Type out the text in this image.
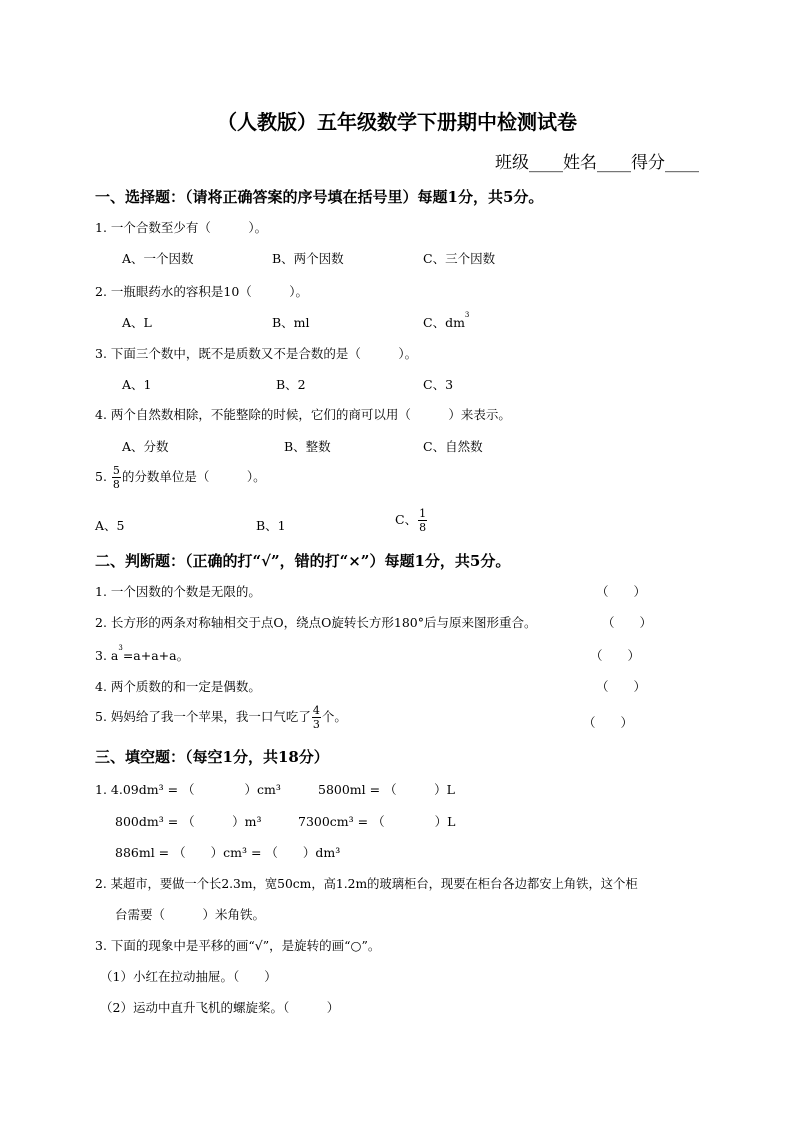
（人教版）五年级数学下册期中检测试卷
班级____姓名____得分____
一、选择题：（请将正确答案的序号填在括号里）每题1分，共5分。
1. 一个合数至少有（　　　）。
A、一个因数	B、两个因数	C、三个因数
2. 一瓶眼药水的容积是10（　　　）。
A、L	B、ml	C、$dm^3$
3. 下面三个数中，既不是质数又不是合数的是（　　　）。
A、1	B、2	C、3
4. 两个自然数相除，不能整除的时候，它们的商可以用（　　　）来表示。
A、分数	B、整数	C、自然数
5. $\frac{5}{8}$ 的分数单位是（　　　）。
A、5	B、1	C、 $\frac{1}{8}$
二、判断题：（正确的打“√”，错的打“×”）每题1分，共5分。
1. 一个因数的个数是无限的。	（　　）
2. 长方形的两条对称轴相交于点O，绕点O旋转长方形180°后与原来图形重合。	（　　）
3. $a^3=a+a+a$。	（　　）
4. 两个质数的和一定是偶数。	（　　）
5. 妈妈给了我一个苹果，我一口气吃了 $\frac{4}{3}$ 个。	（　　）
三、填空题：（每空1分，共18分）
1. 4.09dm³ = （　　　　）cm³	5800ml = （　　　）L
800dm³ = （　　　）m³	7300cm³ = （　　　　）L
886ml = （　　）cm³ = （　　）dm³
2. 某超市，要做一个长2.3m，宽50cm，高1.2m的玻璃柜台，现要在柜台各边都安上角铁，这个柜
台需要（　　　）米角铁。
3. 下面的现象中是平移的画“√”，是旋转的画“○”。
（1）小红在拉动抽屉。（　　）
（2）运动中直升飞机的螺旋桨。（　　　）
